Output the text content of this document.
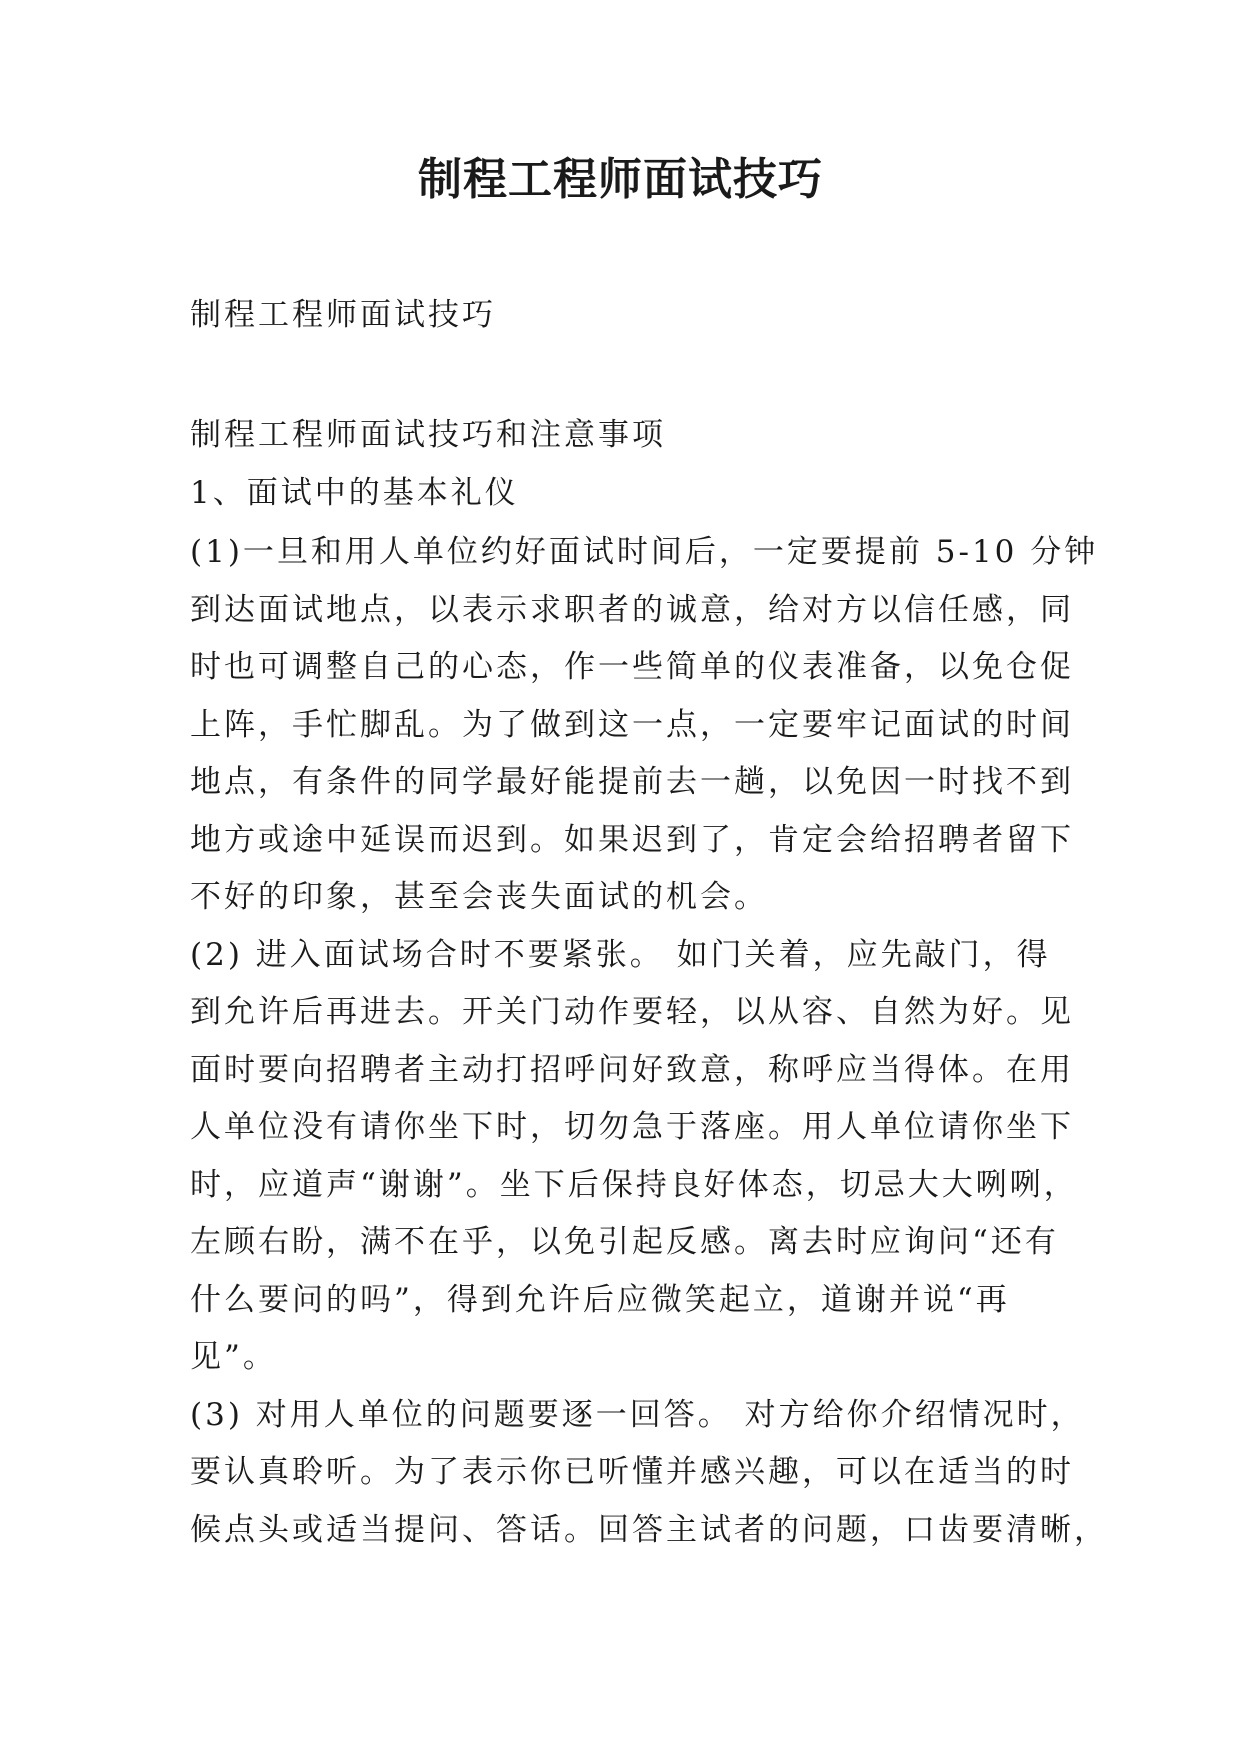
制程工程师面试技巧
制程工程师面试技巧
制程工程师面试技巧和注意事项
1、面试中的基本礼仪
(1)一旦和用人单位约好面试时间后，一定要提前 5-10 分钟
到达面试地点，以表示求职者的诚意，给对方以信任感，同
时也可调整自己的心态，作一些简单的仪表准备，以免仓促
上阵，手忙脚乱。为了做到这一点，一定要牢记面试的时间
地点，有条件的同学最好能提前去一趟，以免因一时找不到
地方或途中延误而迟到。如果迟到了，肯定会给招聘者留下
不好的印象，甚至会丧失面试的机会。
(2) 进入面试场合时不要紧张。 如门关着，应先敲门，得
到允许后再进去。开关门动作要轻，以从容、自然为好。见
面时要向招聘者主动打招呼问好致意，称呼应当得体。在用
人单位没有请你坐下时，切勿急于落座。用人单位请你坐下
时，应道声“谢谢”。坐下后保持良好体态，切忌大大咧咧，
左顾右盼，满不在乎，以免引起反感。离去时应询问“还有
什么要问的吗”，得到允许后应微笑起立，道谢并说“再
见”。
(3) 对用人单位的问题要逐一回答。 对方给你介绍情况时，
要认真聆听。为了表示你已听懂并感兴趣，可以在适当的时
候点头或适当提问、答话。回答主试者的问题，口齿要清晰，
